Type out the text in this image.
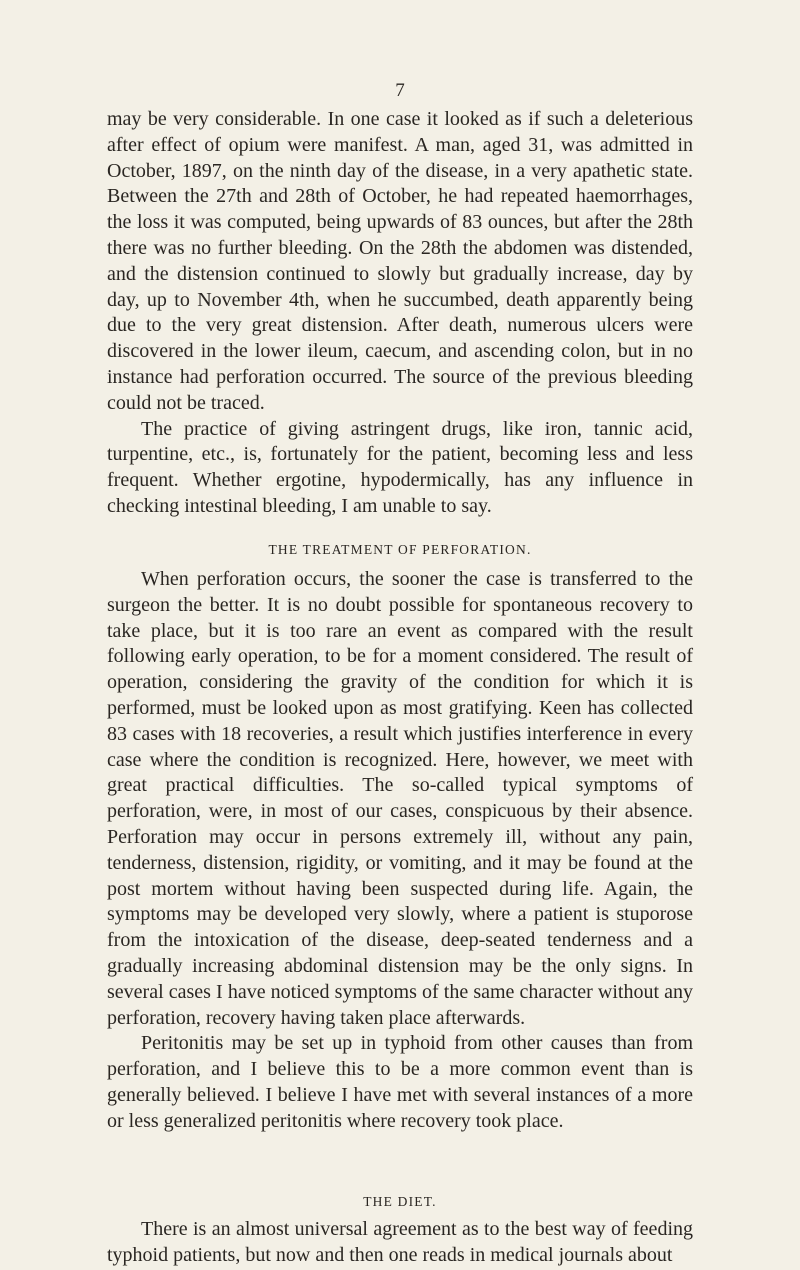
7

may be very considerable. In one case it looked as if such a deleterious after effect of opium were manifest. A man, aged 31, was admitted in October, 1897, on the ninth day of the disease, in a very apathetic state. Between the 27th and 28th of October, he had repeated haemorrhages, the loss it was computed, being upwards of 83 ounces, but after the 28th there was no further bleeding. On the 28th the abdomen was distended, and the distension continued to slowly but gradually increase, day by day, up to November 4th, when he succumbed, death apparently being due to the very great distension. After death, numerous ulcers were discovered in the lower ileum, caecum, and ascending colon, but in no instance had perforation occurred. The source of the previous bleeding could not be traced.

The practice of giving astringent drugs, like iron, tannic acid, turpentine, etc., is, fortunately for the patient, becoming less and less frequent. Whether ergotine, hypodermically, has any influence in checking intestinal bleeding, I am unable to say.

THE TREATMENT OF PERFORATION.

When perforation occurs, the sooner the case is transferred to the surgeon the better. It is no doubt possible for spontaneous recovery to take place, but it is too rare an event as compared with the result following early operation, to be for a moment considered. The result of operation, considering the gravity of the condition for which it is performed, must be looked upon as most gratifying. Keen has collected 83 cases with 18 recoveries, a result which justifies interference in every case where the condition is recognized. Here, however, we meet with great practical difficulties. The so-called typical symptoms of perforation, were, in most of our cases, conspicuous by their absence. Perforation may occur in persons extremely ill, without any pain, tenderness, distension, rigidity, or vomiting, and it may be found at the post mortem without having been suspected during life. Again, the symptoms may be developed very slowly, where a patient is stuporose from the intoxication of the disease, deep-seated tenderness and a gradually increasing abdominal distension may be the only signs. In several cases I have noticed symptoms of the same character without any perforation, recovery having taken place afterwards.

Peritonitis may be set up in typhoid from other causes than from perforation, and I believe this to be a more common event than is generally believed. I believe I have met with several instances of a more or less generalized peritonitis where recovery took place.

THE DIET.

There is an almost universal agreement as to the best way of feeding typhoid patients, but now and then one reads in medical journals about
